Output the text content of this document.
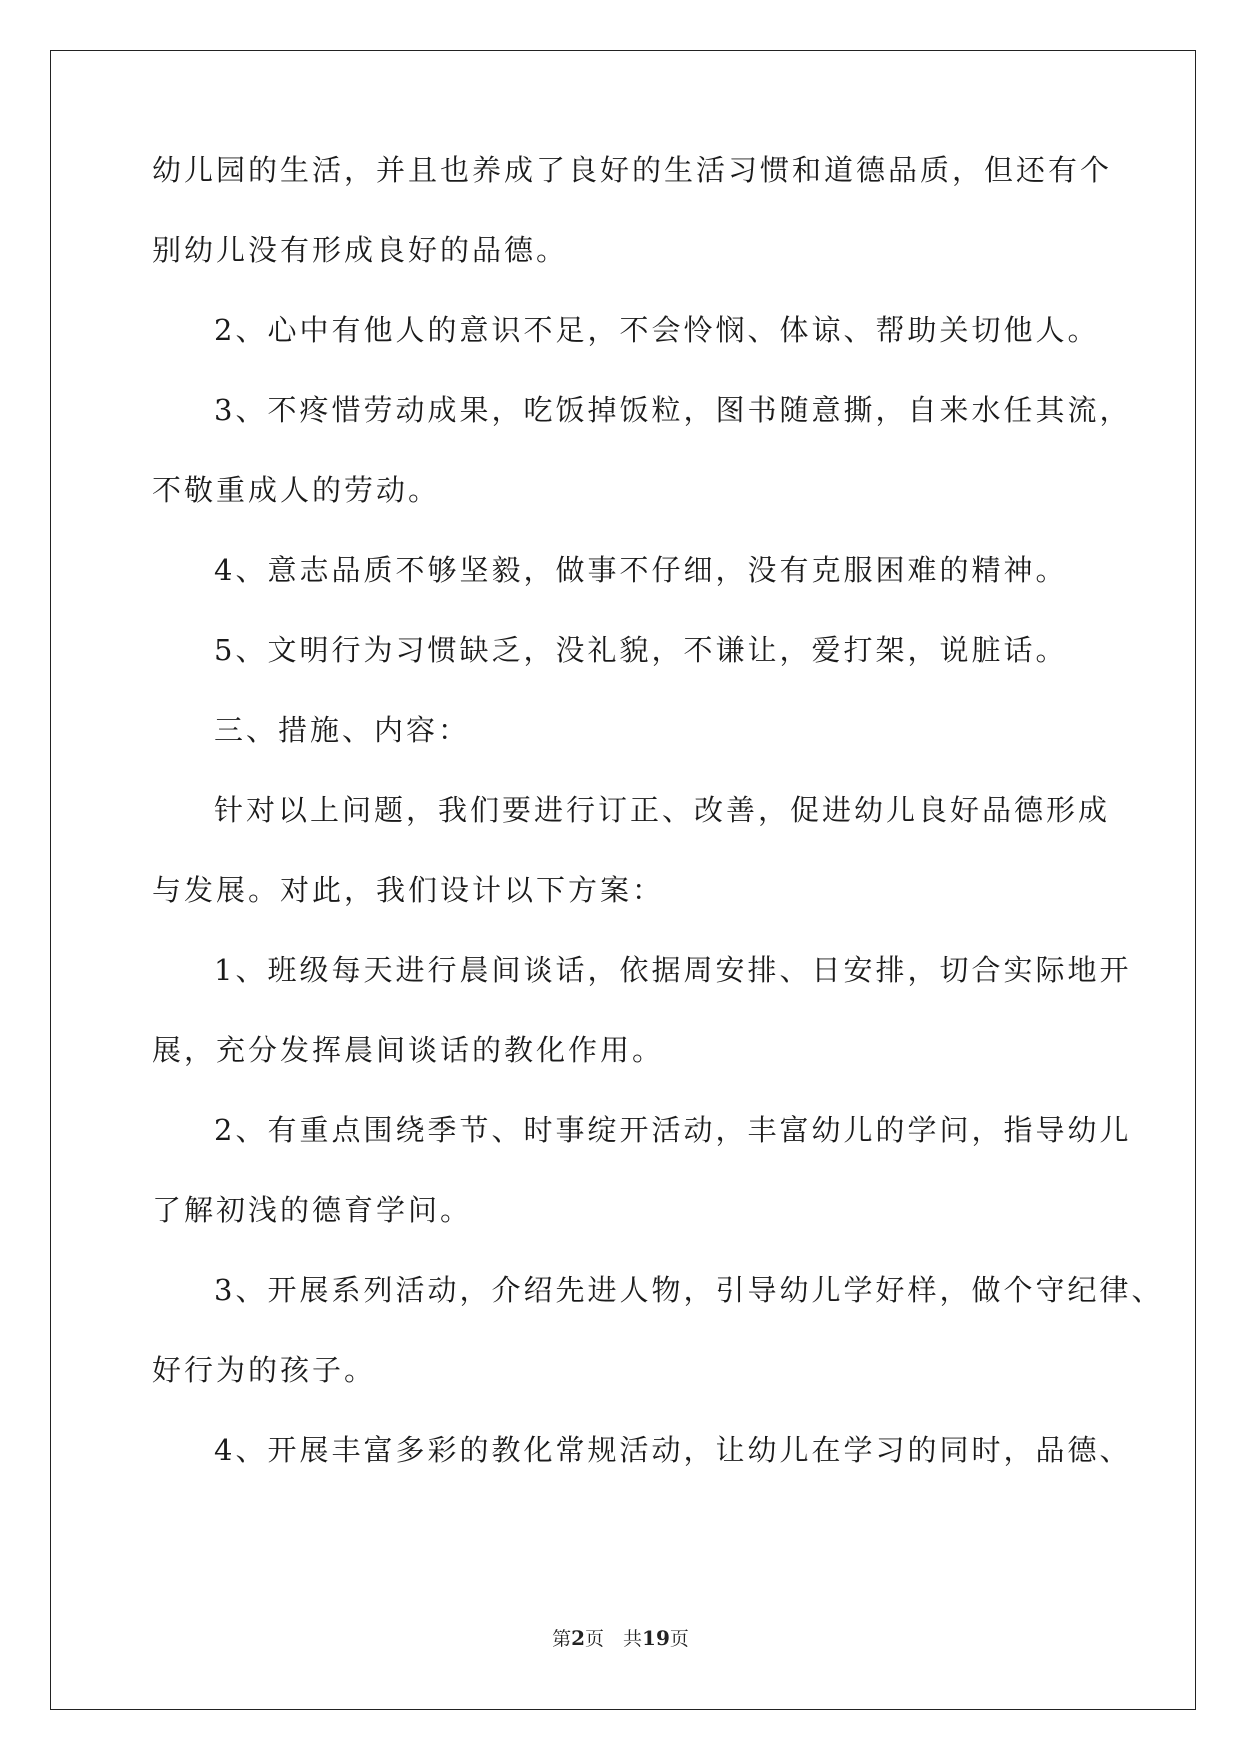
幼儿园的生活，并且也养成了良好的生活习惯和道德品质，但还有个
别幼儿没有形成良好的品德。
2、心中有他人的意识不足，不会怜悯、体谅、帮助关切他人。
3、不疼惜劳动成果，吃饭掉饭粒，图书随意撕，自来水任其流，
不敬重成人的劳动。
4、意志品质不够坚毅，做事不仔细，没有克服困难的精神。
5、文明行为习惯缺乏，没礼貌，不谦让，爱打架，说脏话。
三、措施、内容：
针对以上问题，我们要进行订正、改善，促进幼儿良好品德形成
与发展。对此，我们设计以下方案：
1、班级每天进行晨间谈话，依据周安排、日安排，切合实际地开
展，充分发挥晨间谈话的教化作用。
2、有重点围绕季节、时事绽开活动，丰富幼儿的学问，指导幼儿
了解初浅的德育学问。
3、开展系列活动，介绍先进人物，引导幼儿学好样，做个守纪律、
好行为的孩子。
4、开展丰富多彩的教化常规活动，让幼儿在学习的同时，品德、
第2页　共19页
